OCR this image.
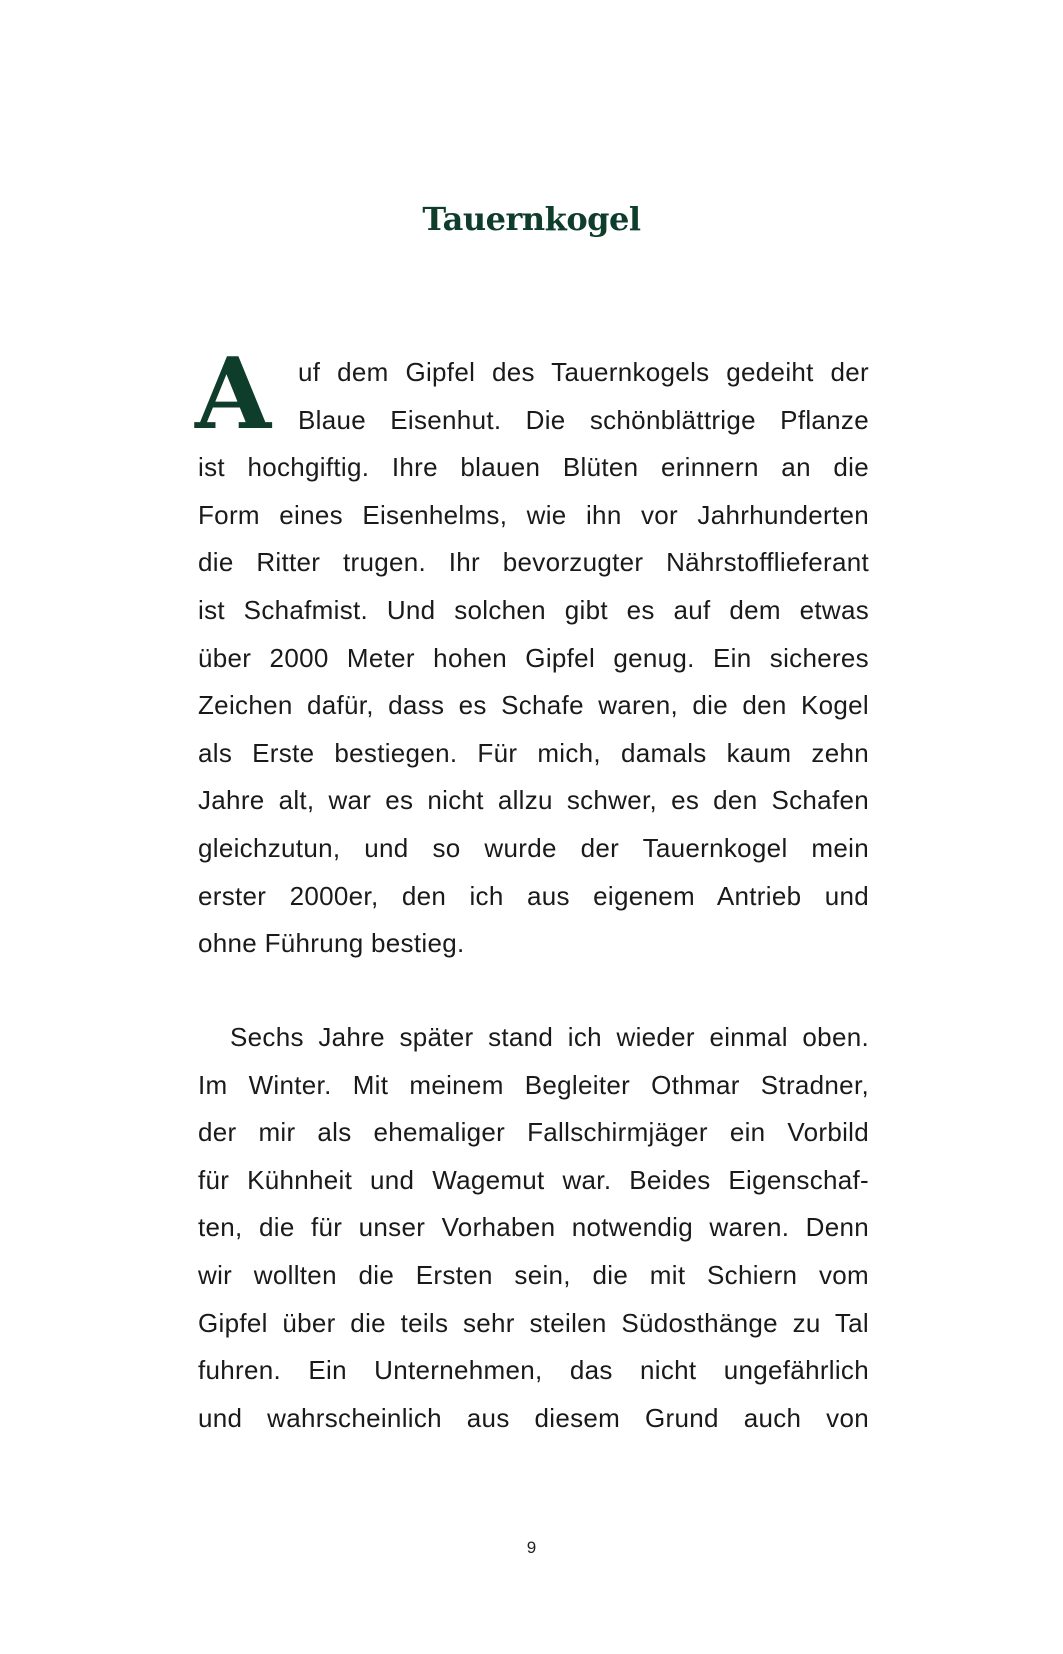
Tauernkogel
A	uf dem Gipfel des Tauernkogels gedeiht der
Blaue Eisenhut. Die schönblättrige Pflanze
ist hochgiftig. Ihre blauen Blüten erinnern an die
Form eines Eisenhelms, wie ihn vor Jahrhunderten
die Ritter trugen. Ihr bevorzugter Nährstofflieferant
ist Schafmist. Und solchen gibt es auf dem etwas
über 2000 Meter hohen Gipfel genug. Ein sicheres
Zeichen dafür, dass es Schafe waren, die den Kogel
als Erste bestiegen. Für mich, damals kaum zehn
Jahre alt, war es nicht allzu schwer, es den Schafen
gleichzutun, und so wurde der Tauernkogel mein
erster 2000er, den ich aus eigenem Antrieb und
ohne Führung bestieg.
Sechs Jahre später stand ich wieder einmal oben.
Im Winter. Mit meinem Begleiter Othmar Stradner,
der mir als ehemaliger Fallschirmjäger ein Vorbild
für Kühnheit und Wagemut war. Beides Eigenschaf-
ten, die für unser Vorhaben notwendig waren. Denn
wir wollten die Ersten sein, die mit Schiern vom
Gipfel über die teils sehr steilen Südosthänge zu Tal
fuhren. Ein Unternehmen, das nicht ungefährlich
und wahrscheinlich aus diesem Grund auch von
9
